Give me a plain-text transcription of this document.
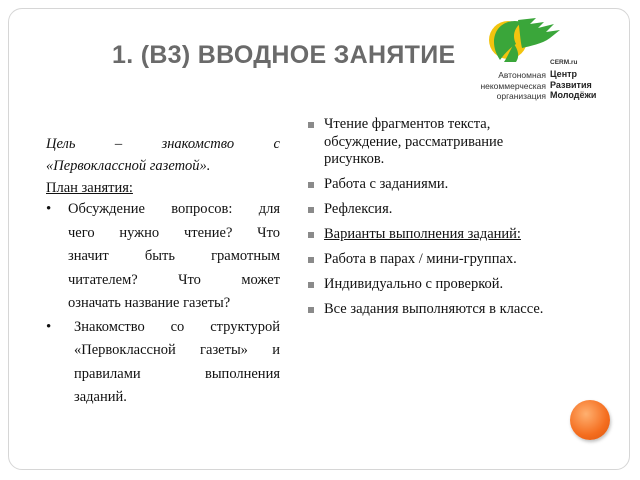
1. (В3) ВВОДНОЕ ЗАНЯТИЕ	CERM.ru
Автономная
некоммерческая
организация
Центр
Развития
Молодёжи

Цель – знакомство с

«Первоклассной газетой».

План занятия:

• Обсуждение вопросов: для
чего нужно чтение? Что
значит быть грамотным
читателем? Что может
означать название газеты?
• Знакомство со структурой
«Первоклассной газеты» и
правилами выполнения
заданий.
Чтение фрагментов текста, обсуждение, рассматривание рисунков.
Работа с заданиями.
Рефлексия.
Варианты выполнения заданий:
Работа в парах / мини-группах.
Индивидуально с проверкой.
Все задания выполняются в классе.
